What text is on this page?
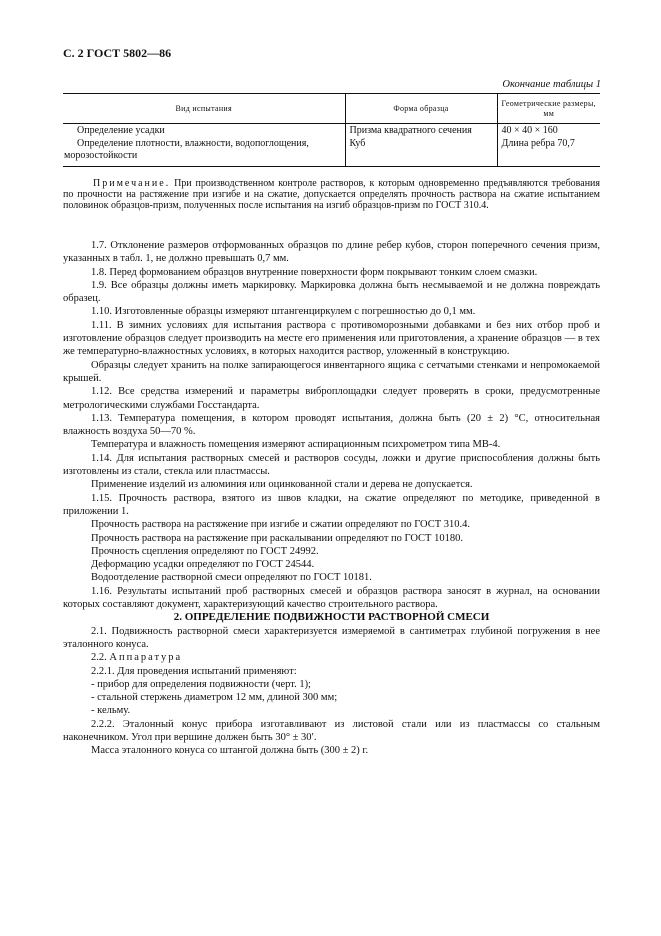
С. 2 ГОСТ 5802—86
Окончание таблицы 1
Вид испытания	Форма образца	Геометрические размеры, мм
Определение усадки	Призма квадратного сечения	40 × 40 × 160
Определение плотности, влажности, водопоглощения, морозостойкости	Куб	Длина ребра 70,7

Примечание. При производственном контроле растворов, к которым одновременно предъявляются требования по прочности на растяжение при изгибе и на сжатие, допускается определять прочность раствора на сжатие испытанием половинок образцов-призм, полученных после испытания на изгиб образцов-призм по ГОСТ 310.4.

1.7. Отклонение размеров отформованных образцов по длине ребер кубов, сторон поперечного сечения призм, указанных в табл. 1, не должно превышать 0,7 мм.

1.8. Перед формованием образцов внутренние поверхности форм покрывают тонким слоем смазки.

1.9. Все образцы должны иметь маркировку. Маркировка должна быть несмываемой и не должна повреждать образец.

1.10. Изготовленные образцы измеряют штангенциркулем с погрешностью до 0,1 мм.

1.11. В зимних условиях для испытания раствора с противоморозными добавками и без них отбор проб и изготовление образцов следует производить на месте его применения или приготовления, а хранение образцов — в тех же температурно-влажностных условиях, в которых находится раствор, уложенный в конструкцию.

Образцы следует хранить на полке запирающегося инвентарного ящика с сетчатыми стенками и непромокаемой крышей.

1.12. Все средства измерений и параметры виброплощадки следует проверять в сроки, предусмотренные метрологическими службами Госстандарта.

1.13. Температура помещения, в котором проводят испытания, должна быть (20 ± 2) °С, относительная влажность воздуха 50—70 %.

Температура и влажность помещения измеряют аспирационным психрометром типа МВ-4.

1.14. Для испытания растворных смесей и растворов сосуды, ложки и другие приспособления должны быть изготовлены из стали, стекла или пластмассы.

Применение изделий из алюминия или оцинкованной стали и дерева не допускается.

1.15. Прочность раствора, взятого из швов кладки, на сжатие определяют по методике, приведенной в приложении 1.

Прочность раствора на растяжение при изгибе и сжатии определяют по ГОСТ 310.4.

Прочность раствора на растяжение при раскалывании определяют по ГОСТ 10180.

Прочность сцепления определяют по ГОСТ 24992.

Деформацию усадки определяют по ГОСТ 24544.

Водоотделение растворной смеси определяют по ГОСТ 10181.

1.16. Результаты испытаний проб растворных смесей и образцов раствора заносят в журнал, на основании которых составляют документ, характеризующий качество строительного раствора.

2. ОПРЕДЕЛЕНИЕ ПОДВИЖНОСТИ РАСТВОРНОЙ СМЕСИ

2.1. Подвижность растворной смеси характеризуется измеряемой в сантиметрах глубиной погружения в нее эталонного конуса.

2.2. Аппаратура

2.2.1. Для проведения испытаний применяют:

- прибор для определения подвижности (черт. 1);

- стальной стержень диаметром 12 мм, длиной 300 мм;

- кельму.

2.2.2. Эталонный конус прибора изготавливают из листовой стали или из пластмассы со стальным наконечником. Угол при вершине должен быть 30° ± 30′.

Масса эталонного конуса со штангой должна быть (300 ± 2) г.
